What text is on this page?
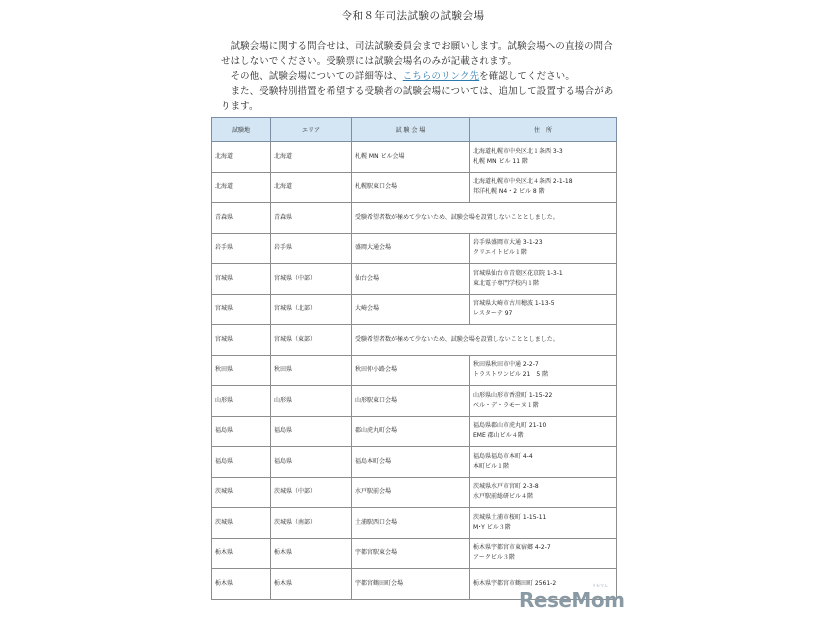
令和８年司法試験の試験会場
　試験会場に関する問合せは、司法試験委員会までお願いします。試験会場への直接の問合せはしないでください。受験票には試験会場名のみが記載されます。
　その他、試験会場についての詳細等は、こちらのリンク先を確認してください。
　また、受験特別措置を希望する受験者の試験会場については、追加して設置する場合があります。
試験地	エリア	試 験 会 場	住　所
北海道	北海道	札幌 MN ビル会場	北海道札幌市中央区北１条西 3-3
札幌 MN ビル 11 階

北海道	北海道	札幌駅東口会場	北海道札幌市中央区北４条西 2-1-18
邦洋札幌 N4・2 ビル 8 階

青森県	青森県	受験希望者数が極めて少ないため、試験会場を設置しないこととしました。	
岩手県	岩手県	盛岡大通会場	岩手県盛岡市大通 3-1-23
クリエイトビル１階

宮城県	宮城県（中部）	仙台会場	宮城県仙台市青葉区花京院 1-3-1
東北電子専門学校内１階

宮城県	宮城県（北部）	大崎会場	宮城県大崎市古川穂波 1-13-5
レスターテ 97

宮城県	宮城県（東部）	受験希望者数が極めて少ないため、試験会場を設置しないこととしました。	
秋田県	秋田県	秋田仲小路会場	秋田県秋田市中通 2-2-7
トラストワンビル 21　5 階

山形県	山形県	山形駅東口会場	山形県山形市香澄町 1-15-22
ベル・デ・ラモーヌ１階

福島県	福島県	郡山虎丸町会場	福島県郡山市虎丸町 21-10
EME 郡山ビル４階

福島県	福島県	福島本町会場	福島県福島市本町 4-4
本町ビル１階

茨城県	茨城県（中部）	水戸駅前会場	茨城県水戸市宮町 2-3-8
水戸駅前総研ビル４階

茨城県	茨城県（南部）	土浦駅西口会場	茨城県土浦市桜町 1-15-11
M･Y ビル３階

栃木県	栃木県	宇都宮駅東会場	栃木県宇都宮市東宿郷 4-2-7
アークビル３階

栃木県	栃木県	宇都宮鶴田町会場	栃木県宇都宮市鶴田町 2561-2
ReseMom
リセマム
